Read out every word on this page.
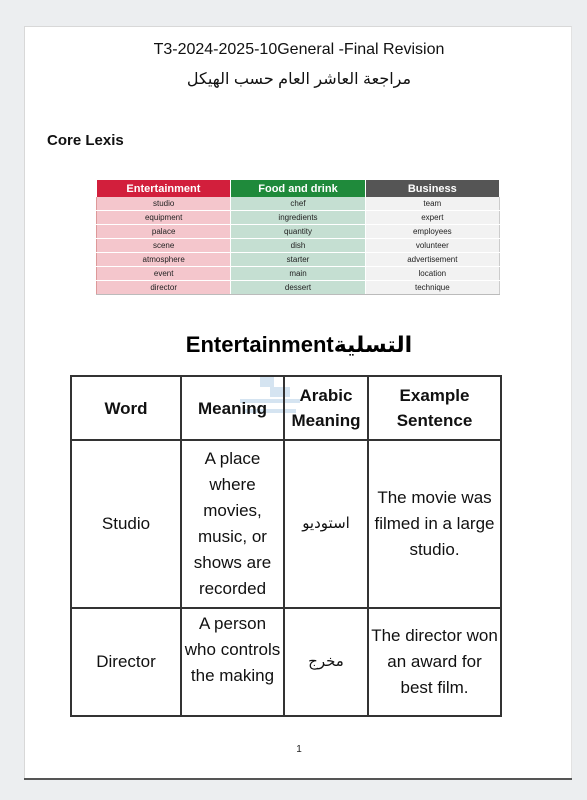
T3-2024-2025-10General -Final Revision
مراجعة العاشر العام حسب الهيكل
Core Lexis
Entertainment	Food and drink	Business
studio	chef	team
equipment	ingredients	expert
palace	quantity	employees
scene	dish	volunteer
atmosphere	starter	advertisement
event	main	location
director	dessert	technique
Entertainmentالتسلية
Word	Meaning	Arabic Meaning	Example Sentence
Studio	A place where movies, music, or shows are recorded	استوديو	The movie was filmed in a large studio.
Director	A person who controls the making	مخرج	The director won an award for best film.
1
